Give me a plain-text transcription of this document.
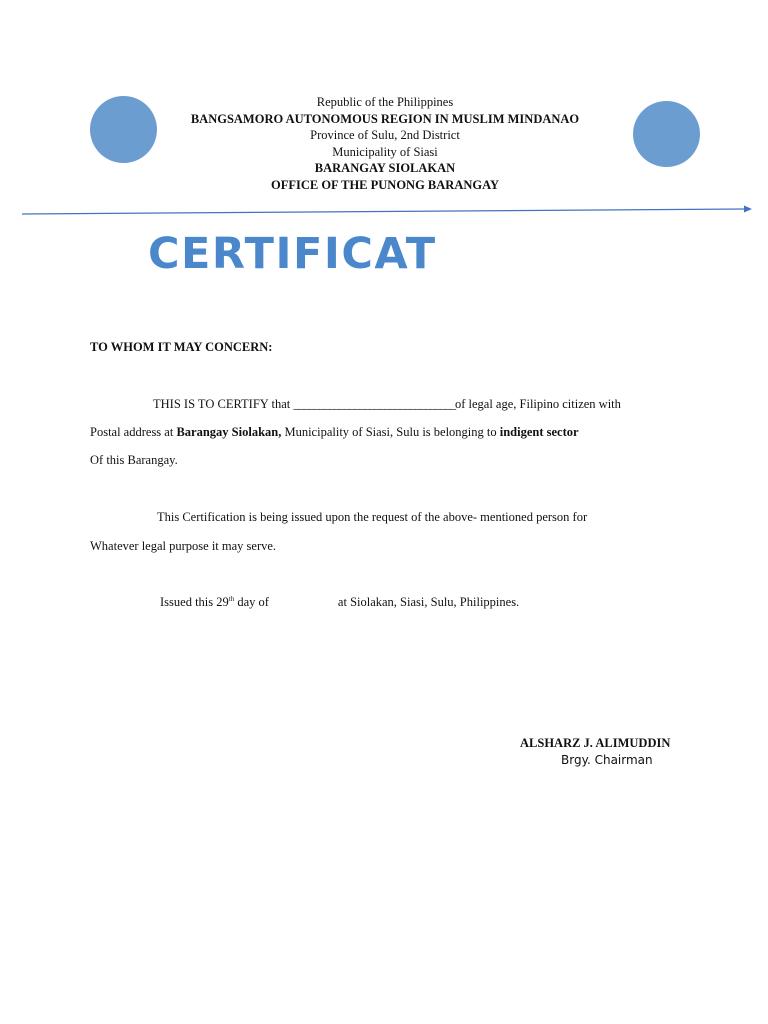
Republic of the Philippines
BANGSAMORO AUTONOMOUS REGION IN MUSLIM MINDANAO
Province of Sulu, 2nd District
Municipality of Siasi
BARANGAY SIOLAKAN
OFFICE OF THE PUNONG BARANGAY
CERTIFICAT
TO WHOM IT MAY CONCERN:
THIS IS TO CERTIFY that ________________________________of legal age, Filipino citizen with
Postal address at Barangay Siolakan, Municipality of Siasi, Sulu is belonging to indigent sector
Of this Barangay.
This Certification is being issued upon the request of the above- mentioned person for
Whatever legal purpose it may serve.
Issued this 29th day of	at Siolakan, Siasi, Sulu, Philippines.
ALSHARZ J. ALIMUDDIN
Brgy. Chairman
